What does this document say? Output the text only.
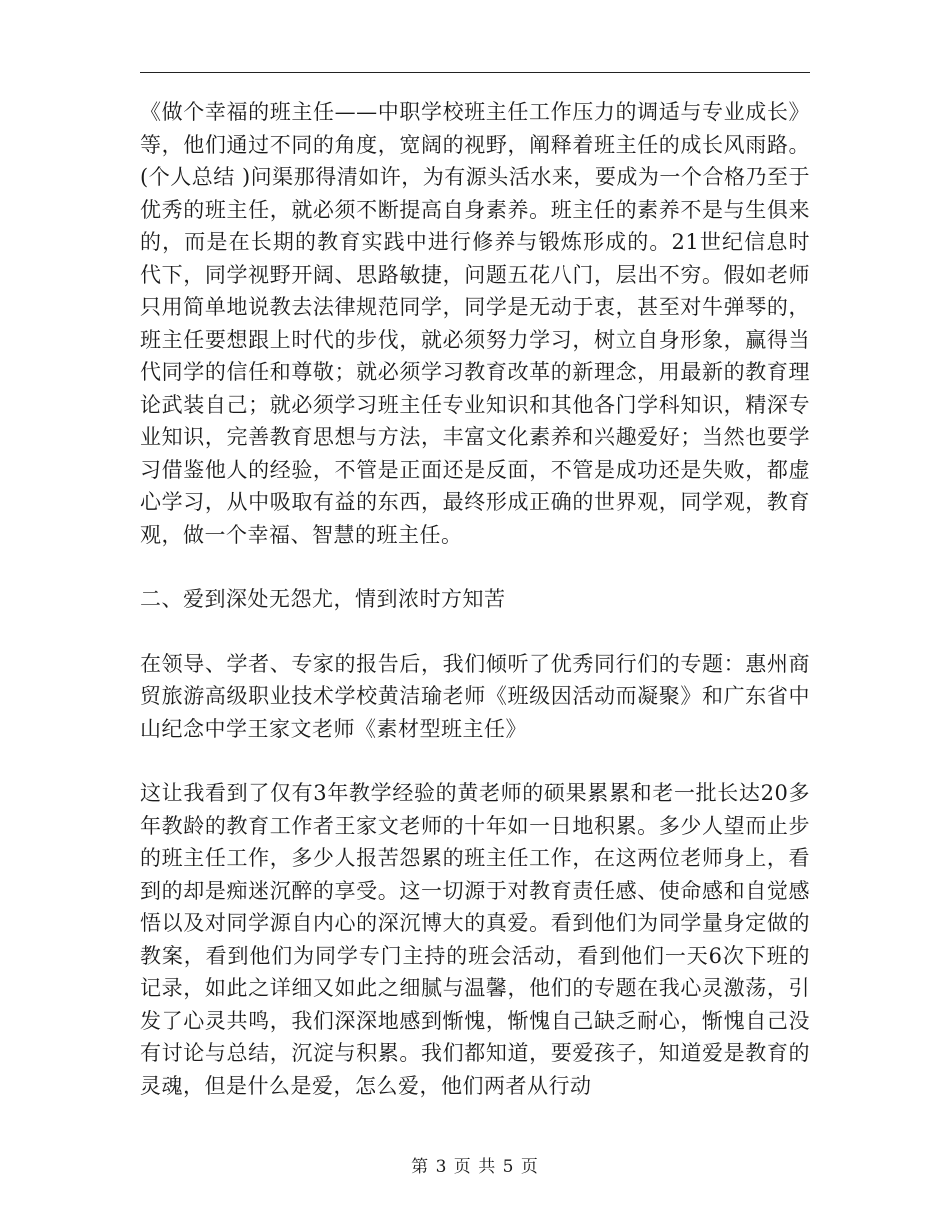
《做个幸福的班主任——中职学校班主任工作压力的调适与专业成长》等，他们通过不同的角度，宽阔的视野，阐释着班主任的成长风雨路。(个人总结 )问渠那得清如许，为有源头活水来，要成为一个合格乃至于优秀的班主任，就必须不断提高自身素养。班主任的素养不是与生俱来的，而是在长期的教育实践中进行修养与锻炼形成的。21世纪信息时代下，同学视野开阔、思路敏捷，问题五花八门，层出不穷。假如老师只用简单地说教去法律规范同学，同学是无动于衷，甚至对牛弹琴的，班主任要想跟上时代的步伐，就必须努力学习，树立自身形象，赢得当代同学的信任和尊敬；就必须学习教育改革的新理念，用最新的教育理论武装自己；就必须学习班主任专业知识和其他各门学科知识，精深专业知识，完善教育思想与方法，丰富文化素养和兴趣爱好；当然也要学习借鉴他人的经验，不管是正面还是反面，不管是成功还是失败，都虚心学习，从中吸取有益的东西，最终形成正确的世界观，同学观，教育观，做一个幸福、智慧的班主任。

二、爱到深处无怨尤，情到浓时方知苦

在领导、学者、专家的报告后，我们倾听了优秀同行们的专题：惠州商贸旅游高级职业技术学校黄洁瑜老师《班级因活动而凝聚》和广东省中山纪念中学王家文老师《素材型班主任》

这让我看到了仅有3年教学经验的黄老师的硕果累累和老一批长达20多年教龄的教育工作者王家文老师的十年如一日地积累。多少人望而止步的班主任工作，多少人报苦怨累的班主任工作，在这两位老师身上，看到的却是痴迷沉醉的享受。这一切源于对教育责任感、使命感和自觉感悟以及对同学源自内心的深沉博大的真爱。看到他们为同学量身定做的教案，看到他们为同学专门主持的班会活动，看到他们一天6次下班的记录，如此之详细又如此之细腻与温馨，他们的专题在我心灵激荡，引发了心灵共鸣，我们深深地感到惭愧，惭愧自己缺乏耐心，惭愧自己没有讨论与总结，沉淀与积累。我们都知道，要爱孩子，知道爱是教育的灵魂，但是什么是爱，怎么爱，他们两者从行动

第 3 页 共 5 页
